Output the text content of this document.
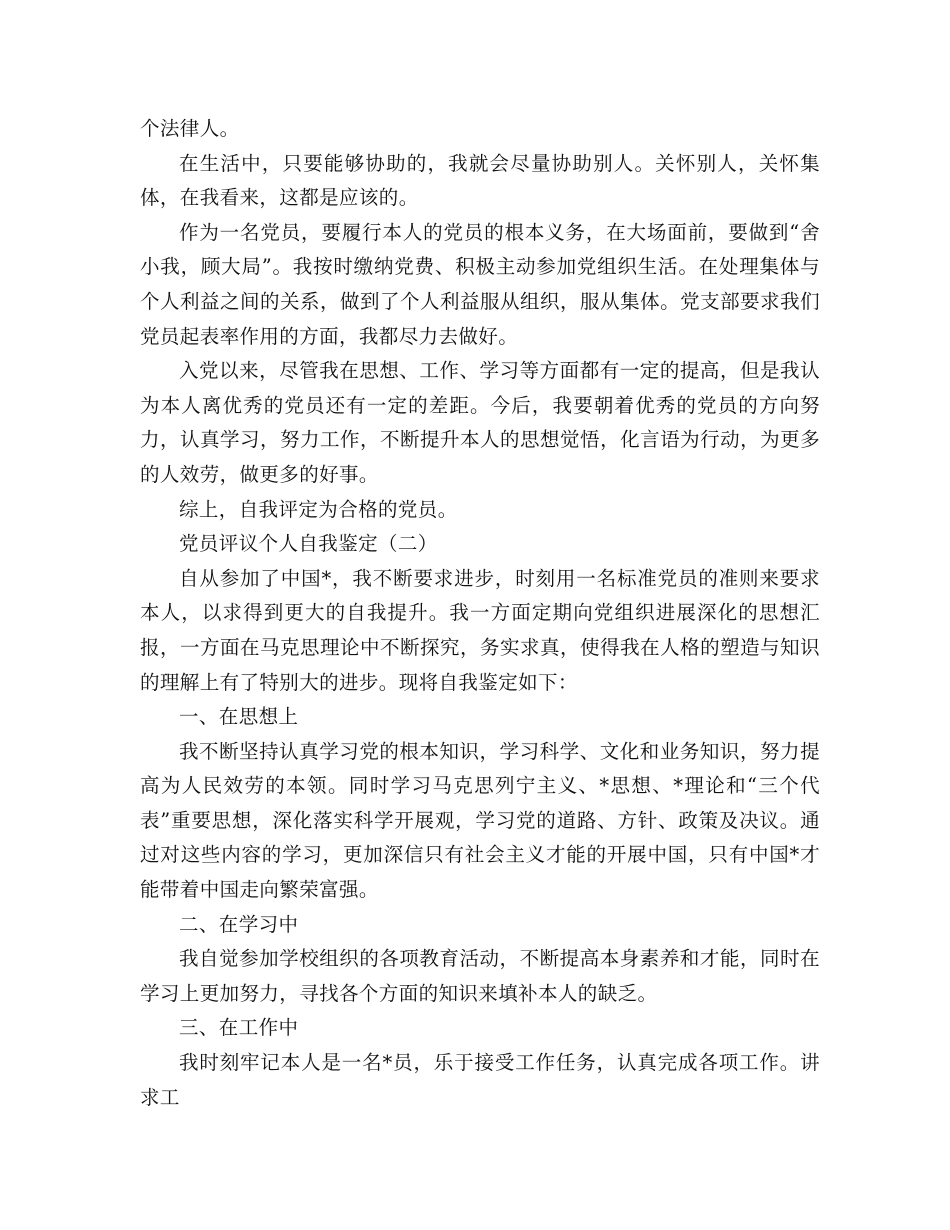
个法律人。

在生活中，只要能够协助的，我就会尽量协助别人。关怀别人，关怀集体，在我看来，这都是应该的。

作为一名党员，要履行本人的党员的根本义务，在大场面前，要做到“舍小我，顾大局”。我按时缴纳党费、积极主动参加党组织生活。在处理集体与个人利益之间的关系，做到了个人利益服从组织，服从集体。党支部要求我们党员起表率作用的方面，我都尽力去做好。

入党以来，尽管我在思想、工作、学习等方面都有一定的提高，但是我认为本人离优秀的党员还有一定的差距。今后，我要朝着优秀的党员的方向努力，认真学习，努力工作，不断提升本人的思想觉悟，化言语为行动，为更多的人效劳，做更多的好事。

综上，自我评定为合格的党员。

党员评议个人自我鉴定（二）

自从参加了中国*，我不断要求进步，时刻用一名标准党员的准则来要求本人，以求得到更大的自我提升。我一方面定期向党组织进展深化的思想汇报，一方面在马克思理论中不断探究，务实求真，使得我在人格的塑造与知识的理解上有了特别大的进步。现将自我鉴定如下：

一、在思想上

我不断坚持认真学习党的根本知识，学习科学、文化和业务知识，努力提高为人民效劳的本领。同时学习马克思列宁主义、*思想、*理论和“三个代表”重要思想，深化落实科学开展观，学习党的道路、方针、政策及决议。通过对这些内容的学习，更加深信只有社会主义才能的开展中国，只有中国*才能带着中国走向繁荣富强。

二、在学习中

我自觉参加学校组织的各项教育活动，不断提高本身素养和才能，同时在学习上更加努力，寻找各个方面的知识来填补本人的缺乏。

三、在工作中

我时刻牢记本人是一名*员，乐于接受工作任务，认真完成各项工作。讲求工
